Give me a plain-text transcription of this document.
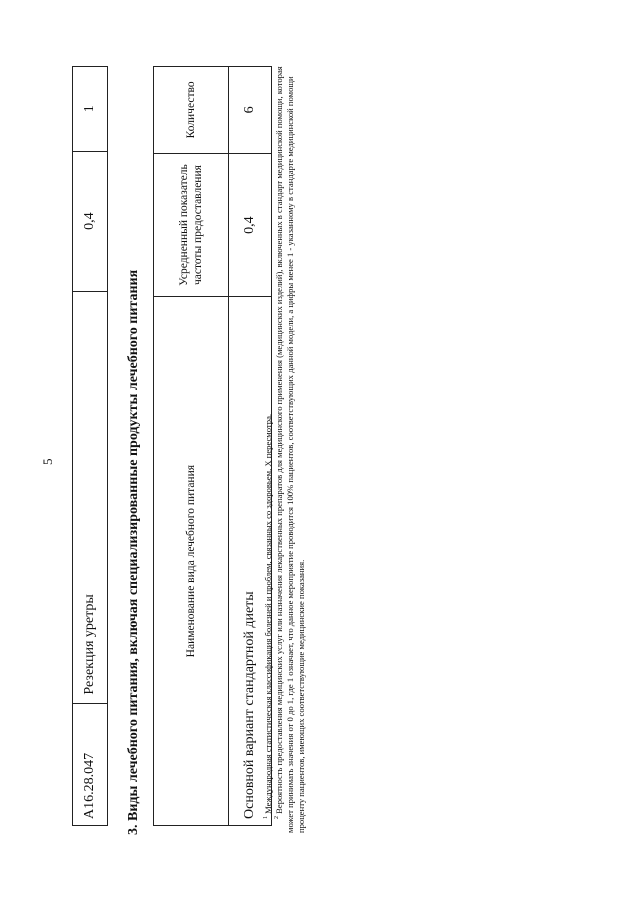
5
A16.28.047	Резекция уретры	0,4	1
3. Виды лечебного питания, включая специализированные продукты лечебного питания	Наименование вида лечебного питания	Усредненный показатель частоты предоставления	Количество
Основной вариант стандартной диеты	0,4	6

$^1$ Международная статистическая классификация болезней и проблем, связанных со здоровьем, X пересмотра.

$^2$ Вероятность предоставления медицинских услуг или назначения лекарственных препаратов для медицинского применения (медицинских изделий), включенных в стандарт медицинской помощи, которая может принимать значения от 0 до 1, где 1 означает, что данное мероприятие проводится 100% пациентов, соответствующих данной модели, а цифры менее 1 - указанному в стандарте медицинской помощи проценту пациентов, имеющих соответствующие медицинские показания.
